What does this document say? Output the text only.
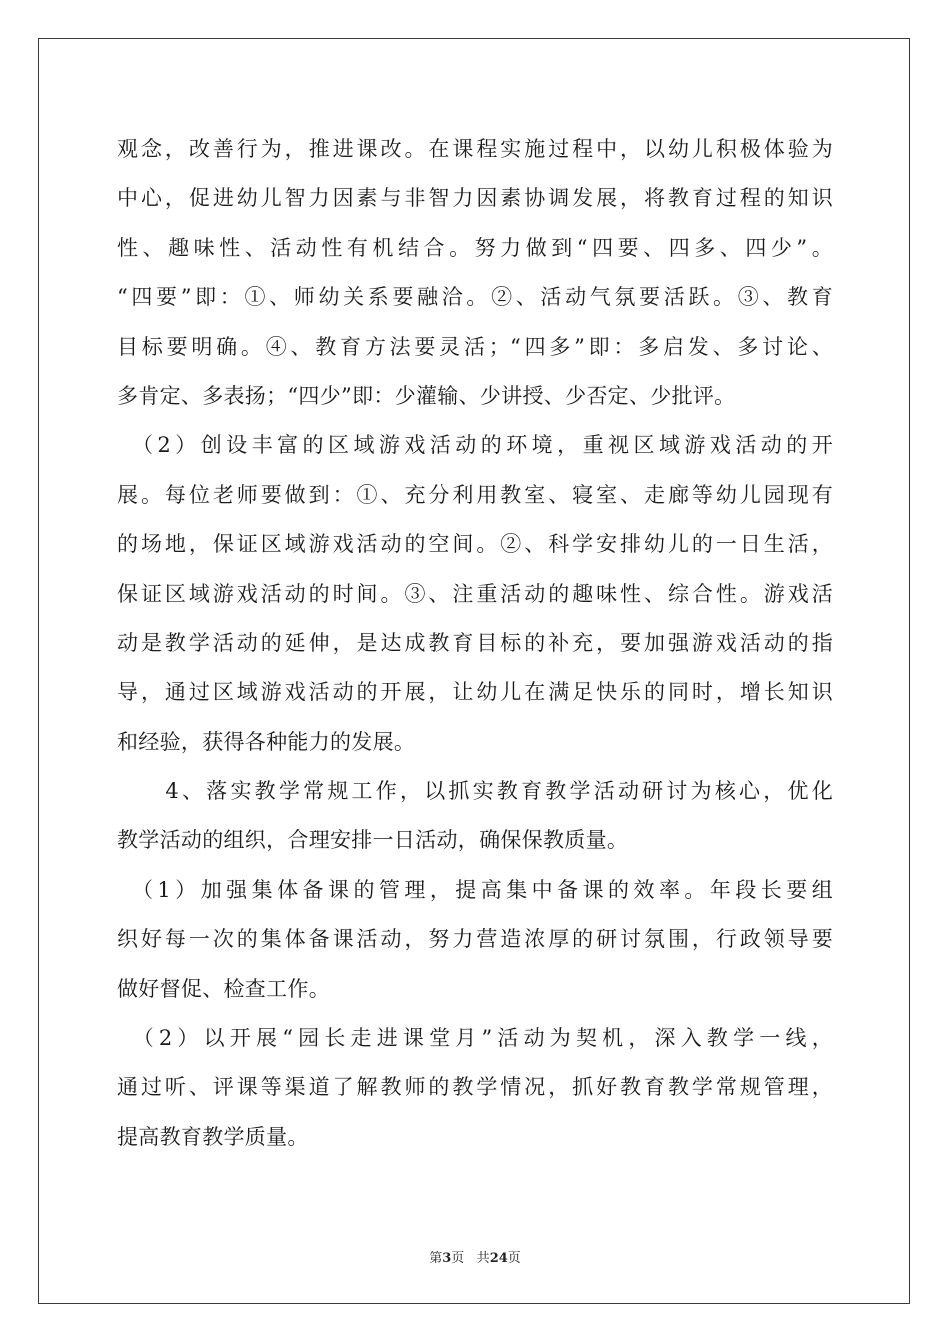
观念，改善行为，推进课改。在课程实施过程中，以幼儿积极体验为
中心，促进幼儿智力因素与非智力因素协调发展，将教育过程的知识
性、趣味性、活动性有机结合。努力做到“四要、四多、四少”。
“四要”即：①、师幼关系要融洽。②、活动气氛要活跃。③、教育
目标要明确。④、教育方法要灵活；“四多”即：多启发、多讨论、
多肯定、多表扬；“四少”即：少灌输、少讲授、少否定、少批评。
　（2）创设丰富的区域游戏活动的环境，重视区域游戏活动的开
展。每位老师要做到：①、充分利用教室、寝室、走廊等幼儿园现有
的场地，保证区域游戏活动的空间。②、科学安排幼儿的一日生活，
保证区域游戏活动的时间。③、注重活动的趣味性、综合性。游戏活
动是教学活动的延伸，是达成教育目标的补充，要加强游戏活动的指
导，通过区域游戏活动的开展，让幼儿在满足快乐的同时，增长知识
和经验，获得各种能力的发展。
　　4、落实教学常规工作，以抓实教育教学活动研讨为核心，优化
教学活动的组织，合理安排一日活动，确保保教质量。
　（1）加强集体备课的管理，提高集中备课的效率。年段长要组
织好每一次的集体备课活动，努力营造浓厚的研讨氛围，行政领导要
做好督促、检查工作。
　（2）以开展“园长走进课堂月”活动为契机，深入教学一线，
通过听、评课等渠道了解教师的教学情况，抓好教育教学常规管理，
提高教育教学质量。
第3页 共24页
